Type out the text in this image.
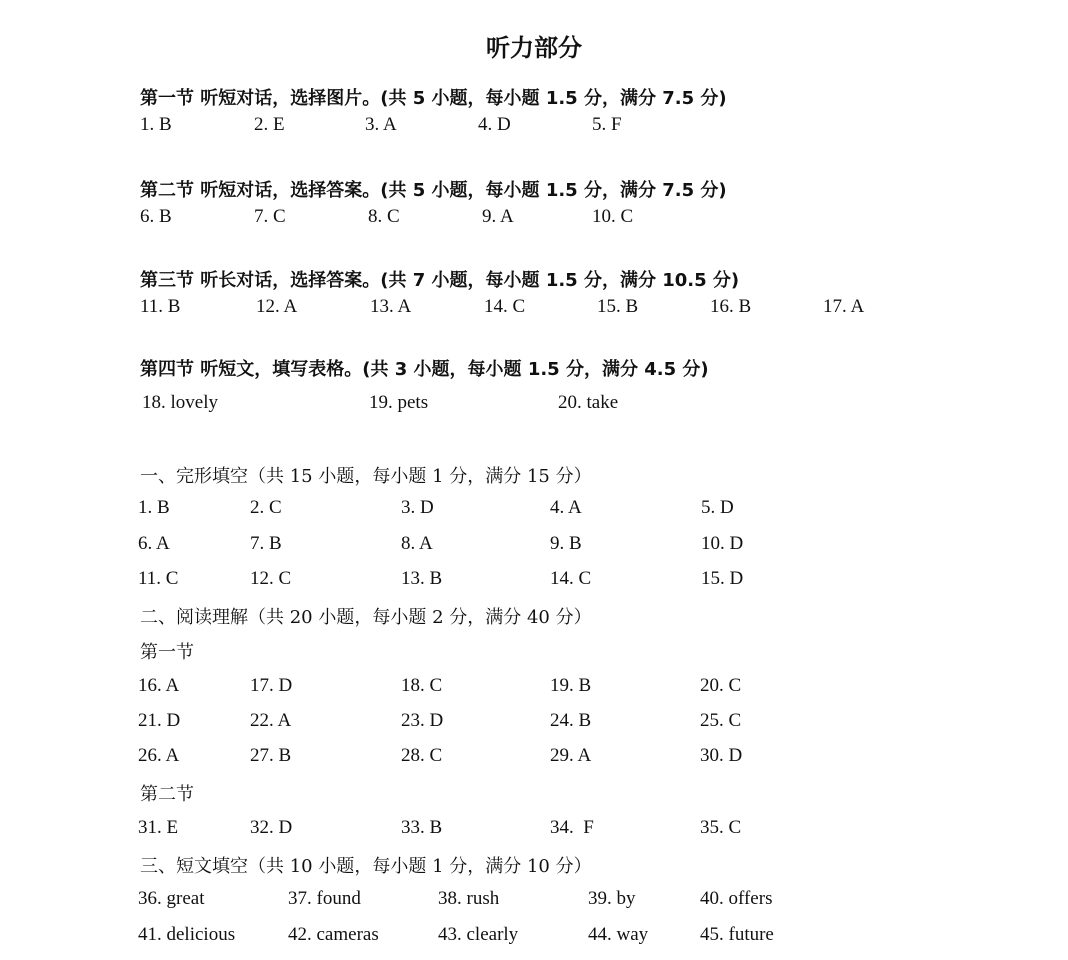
听力部分
第一节 听短对话，选择图片。(共 5 小题，每小题 1.5 分，满分 7.5 分)
1. B	2. E	3. A	4. D	5. F
第二节 听短对话，选择答案。(共 5 小题，每小题 1.5 分，满分 7.5 分)
6. B	7. C	8. C	9. A	10. C
第三节 听长对话，选择答案。(共 7 小题，每小题 1.5 分，满分 10.5 分)
11. B	12. A	13. A	14. C	15. B	16. B	17. A
第四节 听短文，填写表格。(共 3 小题，每小题 1.5 分，满分 4.5 分)
18. lovely	19. pets	20. take
一、完形填空（共 15 小题，每小题 1 分，满分 15 分）
1. B	2. C	3. D	4. A	5. D
6. A	7. B	8. A	9. B	10. D
11. C	12. C	13. B	14. C	15. D
二、阅读理解（共 20 小题，每小题 2 分，满分 40 分）
第一节
16. A	17. D	18. C	19. B	20. C
21. D	22. A	23. D	24. B	25. C
26. A	27. B	28. C	29. A	30. D
第二节
31. E	32. D	33. B	34.  F	35. C
三、短文填空（共 10 小题，每小题 1 分，满分 10 分）
36. great	37. found	38. rush	39. by	40. offers
41. delicious	42. cameras	43. clearly	44. way	45. future
